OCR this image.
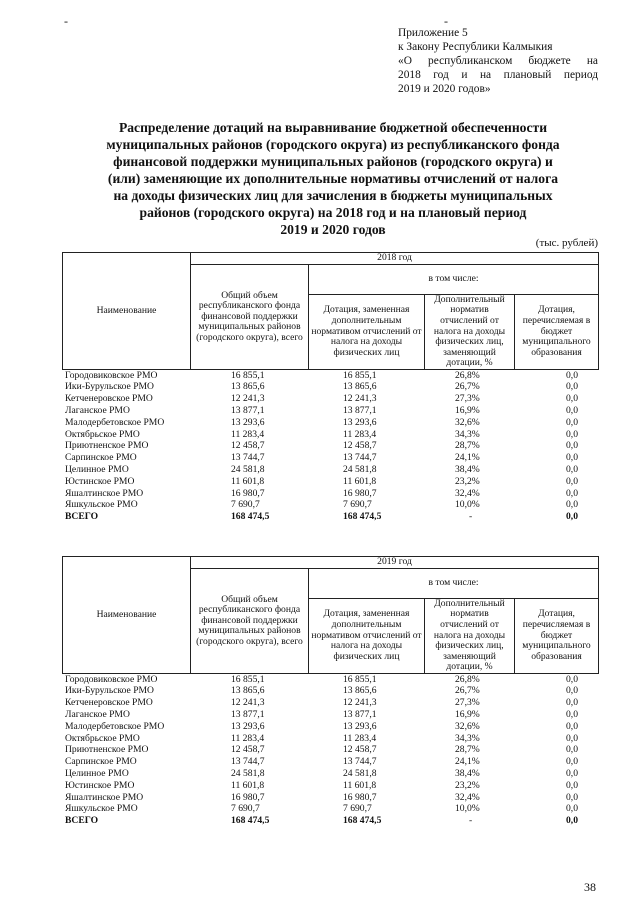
-	-
Приложение 5
к Закону Республики Калмыкия
«О республиканском бюджете на
2018 год и на плановый период
2019 и 2020 годов»
Распределение дотаций на выравнивание бюджетной обеспеченности
муниципальных районов (городского округа) из республиканского фонда
финансовой поддержки муниципальных районов (городского округа) и
(или) заменяющие их дополнительные нормативы отчислений от налога
на доходы физических лиц для зачисления в бюджеты муниципальных
районов (городского округа) на 2018 год и на плановый период
2019 и 2020 годов
(тыс. рублей)
Наименование	2018 год			
	Общий объем республиканского фонда финансовой поддержки муниципальных районов (городского округа), всего	в том числе:		
		Дотация, замененная дополнительным нормативом отчислений от налога на доходы физических лиц	Дополнительный норматив отчислений от налога на доходы физических лиц, заменяющий дотации, %	Дотация, перечисляемая в бюджет муниципального образования
Городовиковское РМО	16 855,1	16 855,1	26,8%	0,0
Ики-Бурульское РМО	13 865,6	13 865,6	26,7%	0,0
Кетченеровское РМО	12 241,3	12 241,3	27,3%	0,0
Лаганское РМО	13 877,1	13 877,1	16,9%	0,0
Малодербетовское РМО	13 293,6	13 293,6	32,6%	0,0
Октябрьское РМО	11 283,4	11 283,4	34,3%	0,0
Приютненское РМО	12 458,7	12 458,7	28,7%	0,0
Сарпинское РМО	13 744,7	13 744,7	24,1%	0,0
Целинное РМО	24 581,8	24 581,8	38,4%	0,0
Юстинское РМО	11 601,8	11 601,8	23,2%	0,0
Яшалтинское РМО	16 980,7	16 980,7	32,4%	0,0
Яшкульское РМО	7 690,7	7 690,7	10,0%	0,0
ВСЕГО	168 474,5	168 474,5	-	0,0
Наименование	2019 год			
	Общий объем республиканского фонда финансовой поддержки муниципальных районов (городского округа), всего	в том числе:		
		Дотация, замененная дополнительным нормативом отчислений от налога на доходы физических лиц	Дополнительный норматив отчислений от налога на доходы физических лиц, заменяющий дотации, %	Дотация, перечисляемая в бюджет муниципального образования
Городовиковское РМО	16 855,1	16 855,1	26,8%	0,0
Ики-Бурульское РМО	13 865,6	13 865,6	26,7%	0,0
Кетченеровское РМО	12 241,3	12 241,3	27,3%	0,0
Лаганское РМО	13 877,1	13 877,1	16,9%	0,0
Малодербетовское РМО	13 293,6	13 293,6	32,6%	0,0
Октябрьское РМО	11 283,4	11 283,4	34,3%	0,0
Приютненское РМО	12 458,7	12 458,7	28,7%	0,0
Сарпинское РМО	13 744,7	13 744,7	24,1%	0,0
Целинное РМО	24 581,8	24 581,8	38,4%	0,0
Юстинское РМО	11 601,8	11 601,8	23,2%	0,0
Яшалтинское РМО	16 980,7	16 980,7	32,4%	0,0
Яшкульское РМО	7 690,7	7 690,7	10,0%	0,0
ВСЕГО	168 474,5	168 474,5	-	0,0
38
